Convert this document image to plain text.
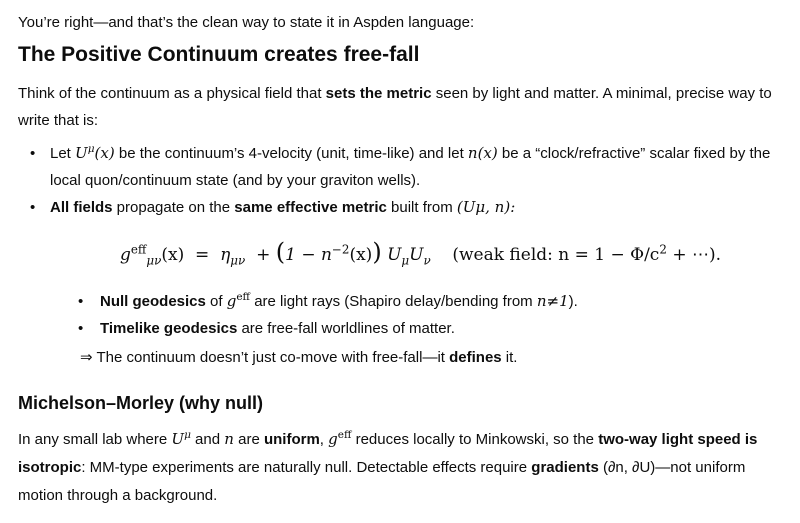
You’re right—and that’s the clean way to state it in Aspden language:
The Positive Continuum creates free-fall
Think of the continuum as a physical field that sets the metric seen by light and matter. A minimal, precise way to write that is:
• Let $U^\mu(x)$ be the continuum’s 4-velocity (unit, time-like) and let n(x) be a “clock/refractive” scalar fixed by the local quon/continuum state (and by your graviton wells).
• All fields propagate on the same effective metric built from (Uμ, n):
$g^{eff}_{\mu\nu}(x) = \eta_{\mu\nu} + (1 - n^{-2}(x))$ $U_\mu U_\nu$ (weak field: $n = 1 - \Phi/c^2$ + ⋯).
• Null geodesics of $g^{eff}$ are light rays (Shapiro delay/bending from n≠1).
• Timelike geodesics are free-fall worldlines of matter.
⇒ The continuum doesn’t just co-move with free-fall—it defines it.
Michelson–Morley (why null)
In any small lab where $U^\mu$ and n are uniform, $g^{eff}$ reduces locally to Minkowski, so the two-way light speed is isotropic: MM-type experiments are naturally null. Detectable effects require gradients (∂n, ∂U)—not uniform motion through a background.
